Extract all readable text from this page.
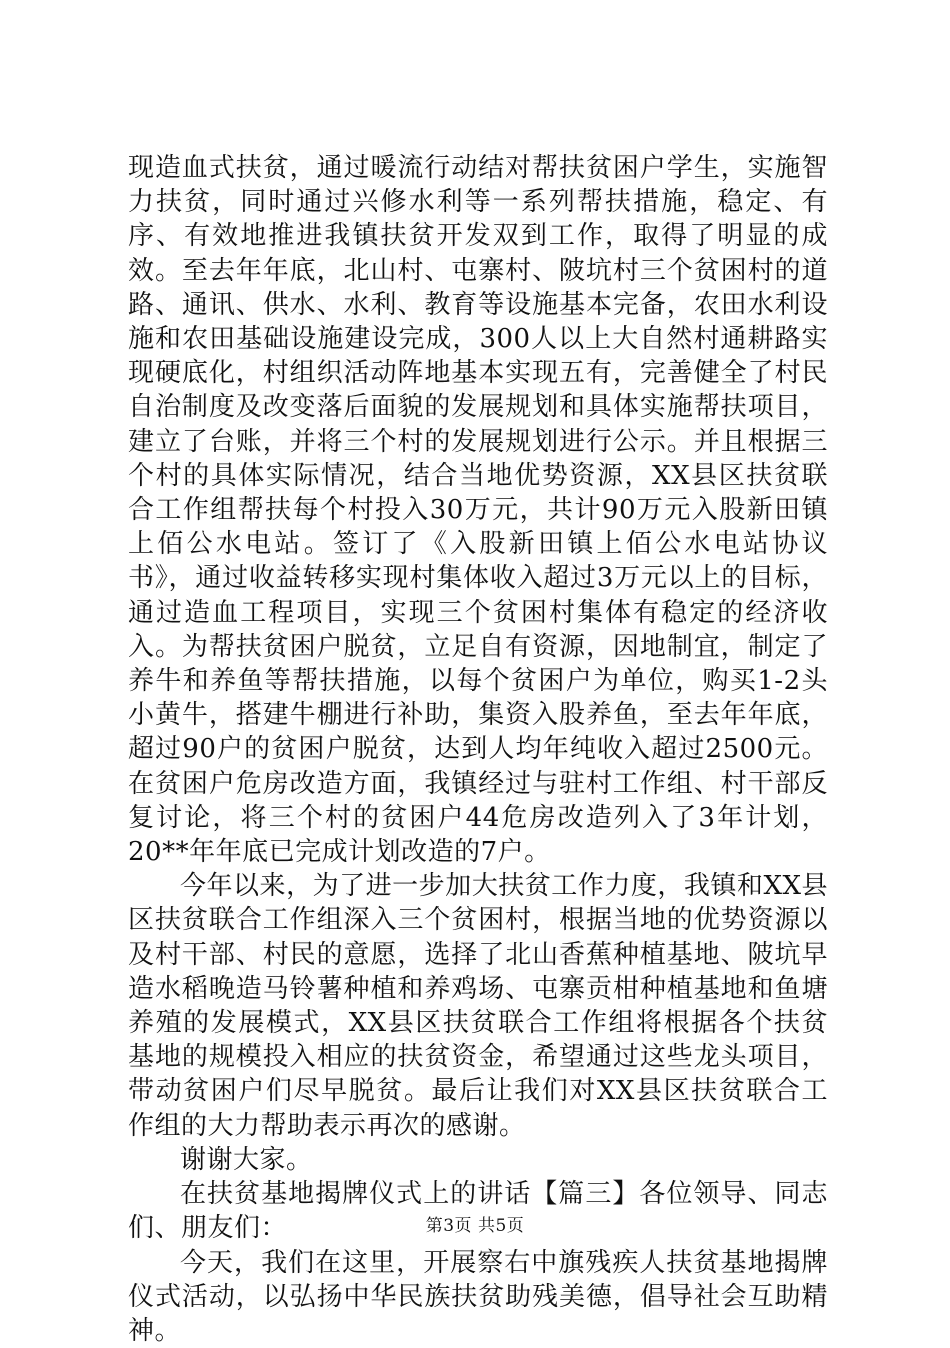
现造血式扶贫，通过暖流行动结对帮扶贫困户学生，实施智力扶贫，同时通过兴修水利等一系列帮扶措施，稳定、有序、有效地推进我镇扶贫开发双到工作，取得了明显的成效。至去年年底，北山村、屯寨村、陂坑村三个贫困村的道路、通讯、供水、水利、教育等设施基本完备，农田水利设施和农田基础设施建设完成，300人以上大自然村通耕路实现硬底化，村组织活动阵地基本实现五有，完善健全了村民自治制度及改变落后面貌的发展规划和具体实施帮扶项目，建立了台账，并将三个村的发展规划进行公示。并且根据三个村的具体实际情况，结合当地优势资源，XX县区扶贫联合工作组帮扶每个村投入30万元，共计90万元入股新田镇上佰公水电站。签订了《入股新田镇上佰公水电站协议书》，通过收益转移实现村集体收入超过3万元以上的目标，通过造血工程项目，实现三个贫困村集体有稳定的经济收入。为帮扶贫困户脱贫，立足自有资源，因地制宜，制定了养牛和养鱼等帮扶措施，以每个贫困户为单位，购买1-2头小黄牛，搭建牛棚进行补助，集资入股养鱼，至去年年底，超过90户的贫困户脱贫，达到人均年纯收入超过2500元。在贫困户危房改造方面，我镇经过与驻村工作组、村干部反复讨论，将三个村的贫困户44危房改造列入了3年计划，20**年年底已完成计划改造的7户。

今年以来，为了进一步加大扶贫工作力度，我镇和XX县区扶贫联合工作组深入三个贫困村，根据当地的优势资源以及村干部、村民的意愿，选择了北山香蕉种植基地、陂坑早造水稻晚造马铃薯种植和养鸡场、屯寨贡柑种植基地和鱼塘养殖的发展模式，XX县区扶贫联合工作组将根据各个扶贫基地的规模投入相应的扶贫资金，希望通过这些龙头项目，带动贫困户们尽早脱贫。最后让我们对XX县区扶贫联合工作组的大力帮助表示再次的感谢。

谢谢大家。

在扶贫基地揭牌仪式上的讲话【篇三】各位领导、同志们、朋友们：

今天，我们在这里，开展察右中旗残疾人扶贫基地揭牌仪式活动，以弘扬中华民族扶贫助残美德，倡导社会互助精神。

第3页 共5页
